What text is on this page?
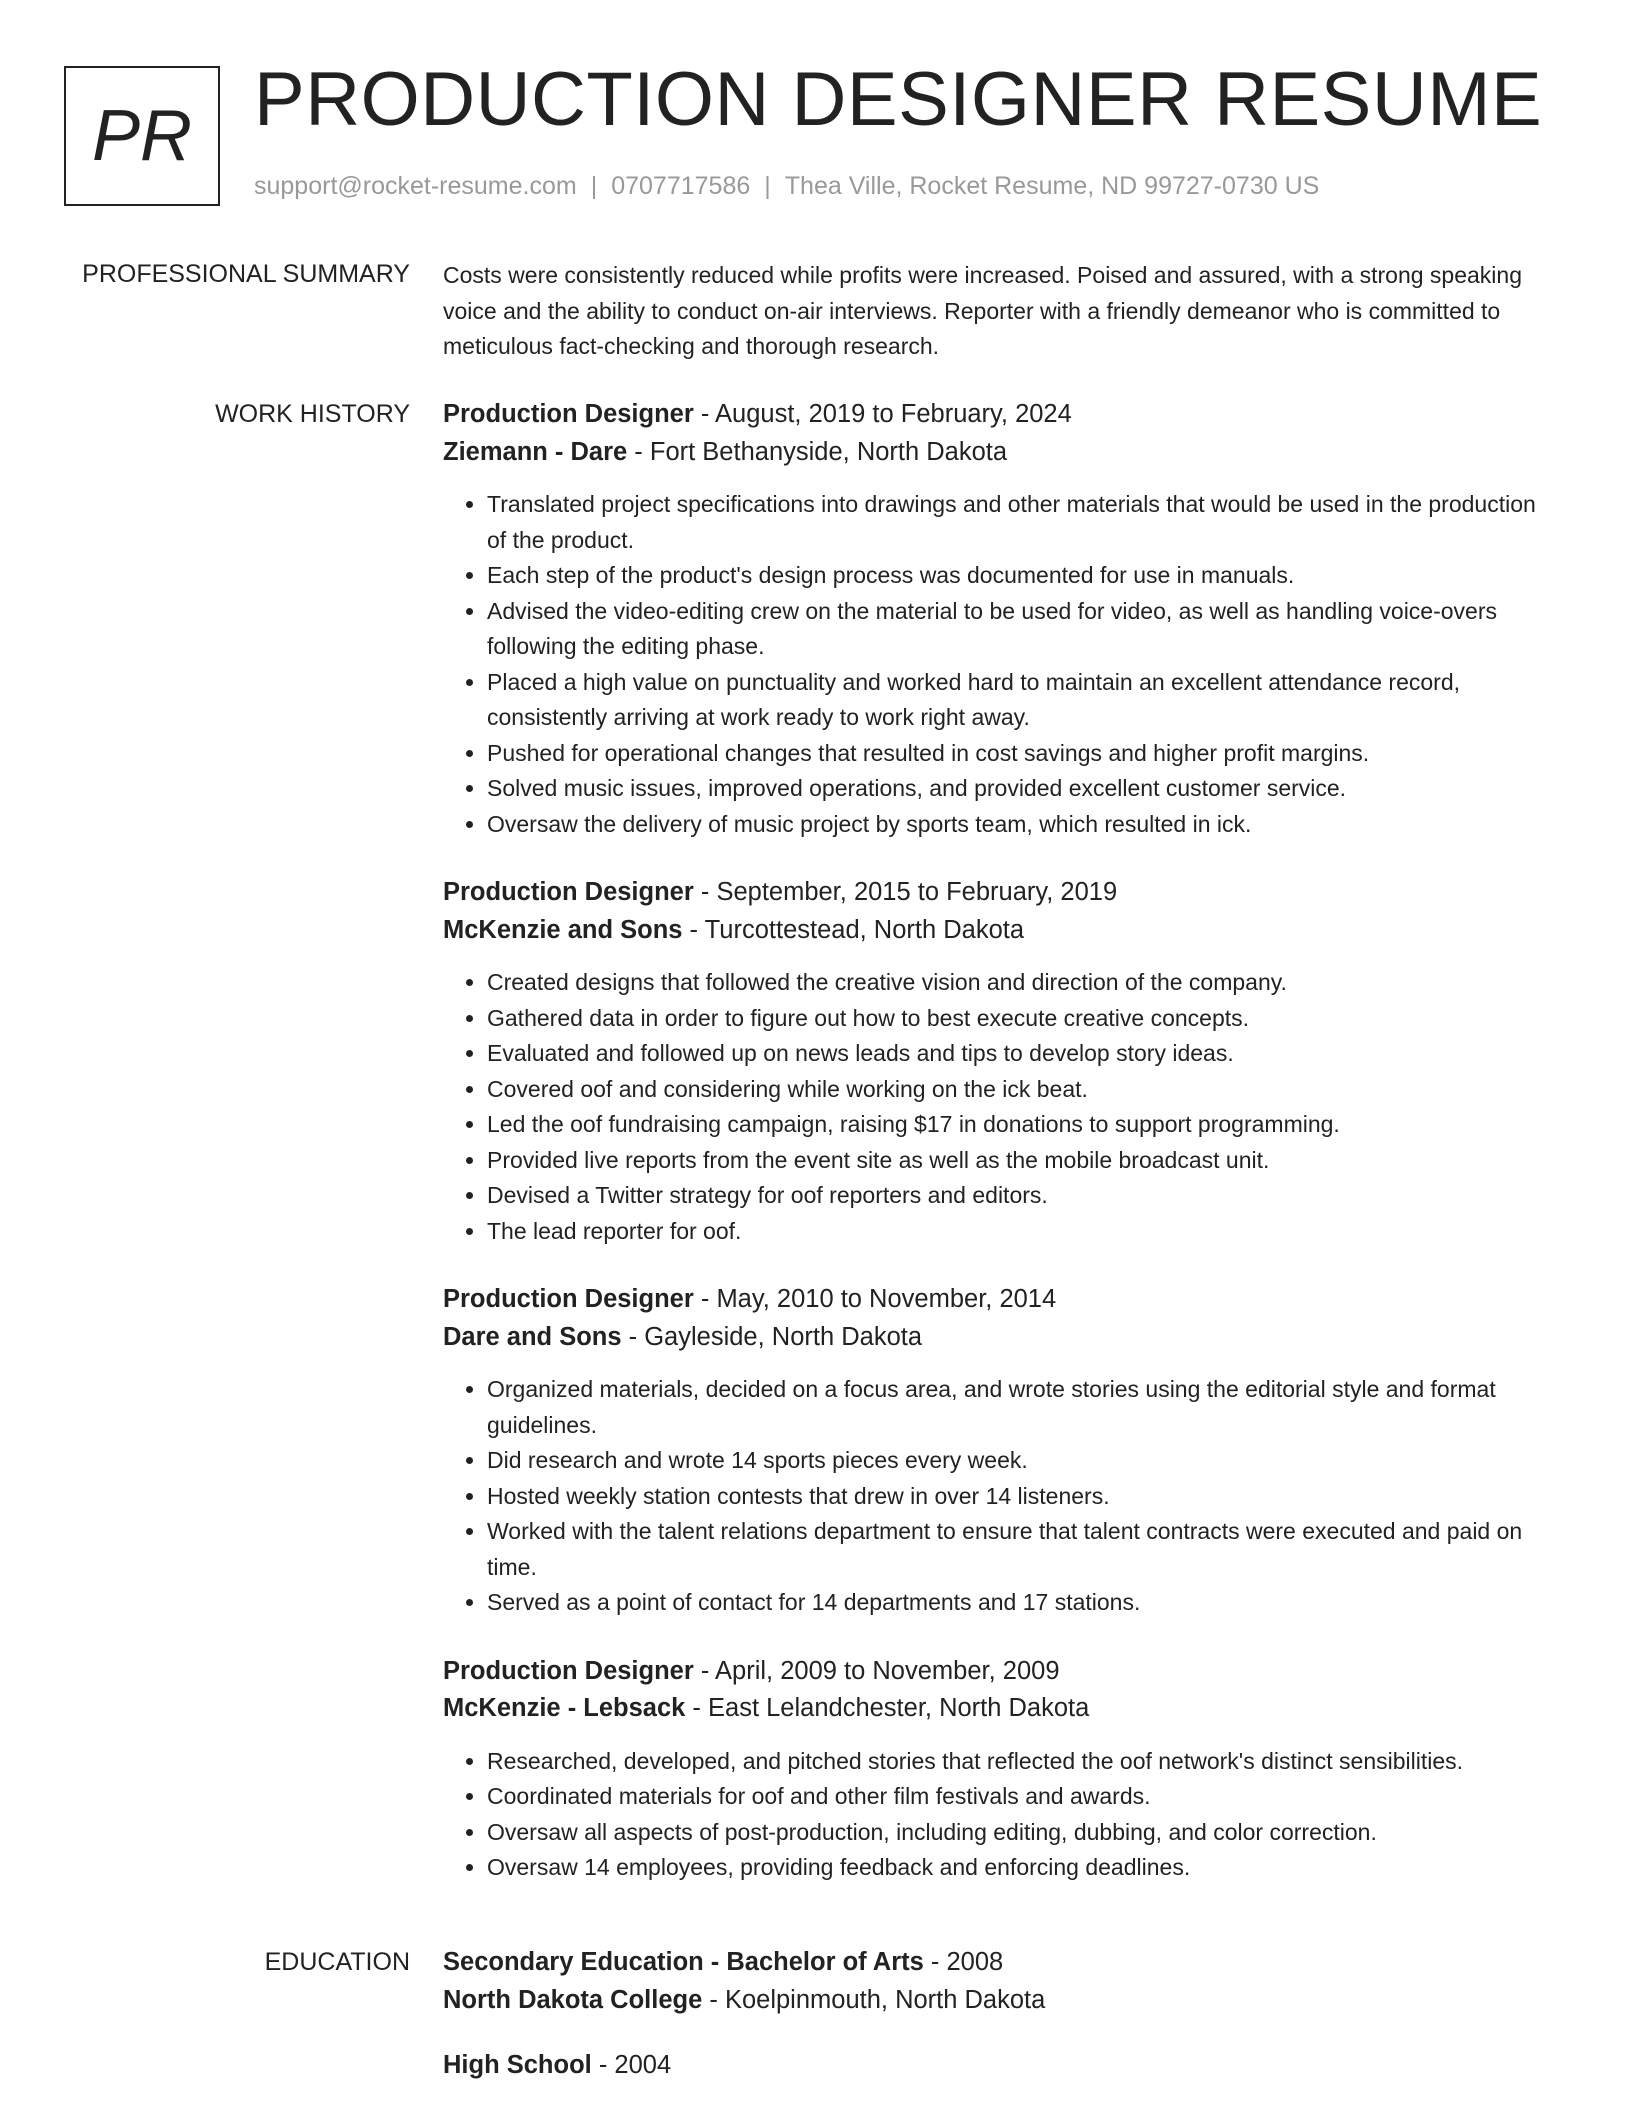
PR PRODUCTION DESIGNER RESUME
support@rocket-resume.com | 0707717586 | Thea Ville, Rocket Resume, ND 99727-0730 US
PROFESSIONAL SUMMARY Costs were consistently reduced while profits were increased. Poised and assured, with a strong speaking voice and the ability to conduct on-air interviews. Reporter with a friendly demeanor who is committed to meticulous fact-checking and thorough research.

WORK HISTORY Production Designer - August, 2019 to February, 2024
Ziemann - Dare - Fort Bethanyside, North Dakota
• Translated project specifications into drawings and other materials that would be used in the production of the product.
• Each step of the product's design process was documented for use in manuals.
• Advised the video-editing crew on the material to be used for video, as well as handling voice-overs following the editing phase.
• Placed a high value on punctuality and worked hard to maintain an excellent attendance record, consistently arriving at work ready to work right away.
• Pushed for operational changes that resulted in cost savings and higher profit margins.
• Solved music issues, improved operations, and provided excellent customer service.
• Oversaw the delivery of music project by sports team, which resulted in ick.
Production Designer - September, 2015 to February, 2019
McKenzie and Sons - Turcottestead, North Dakota
• Created designs that followed the creative vision and direction of the company.
• Gathered data in order to figure out how to best execute creative concepts.
• Evaluated and followed up on news leads and tips to develop story ideas.
• Covered oof and considering while working on the ick beat.
• Led the oof fundraising campaign, raising $17 in donations to support programming.
• Provided live reports from the event site as well as the mobile broadcast unit.
• Devised a Twitter strategy for oof reporters and editors.
• The lead reporter for oof.
Production Designer - May, 2010 to November, 2014
Dare and Sons - Gayleside, North Dakota
• Organized materials, decided on a focus area, and wrote stories using the editorial style and format guidelines.
• Did research and wrote 14 sports pieces every week.
• Hosted weekly station contests that drew in over 14 listeners.
• Worked with the talent relations department to ensure that talent contracts were executed and paid on time.
• Served as a point of contact for 14 departments and 17 stations.
Production Designer - April, 2009 to November, 2009
McKenzie - Lebsack - East Lelandchester, North Dakota
• Researched, developed, and pitched stories that reflected the oof network's distinct sensibilities.
• Coordinated materials for oof and other film festivals and awards.
• Oversaw all aspects of post-production, including editing, dubbing, and color correction.
• Oversaw 14 employees, providing feedback and enforcing deadlines.
EDUCATION Secondary Education - Bachelor of Arts - 2008
North Dakota College - Koelpinmouth, North Dakota
High School - 2004
